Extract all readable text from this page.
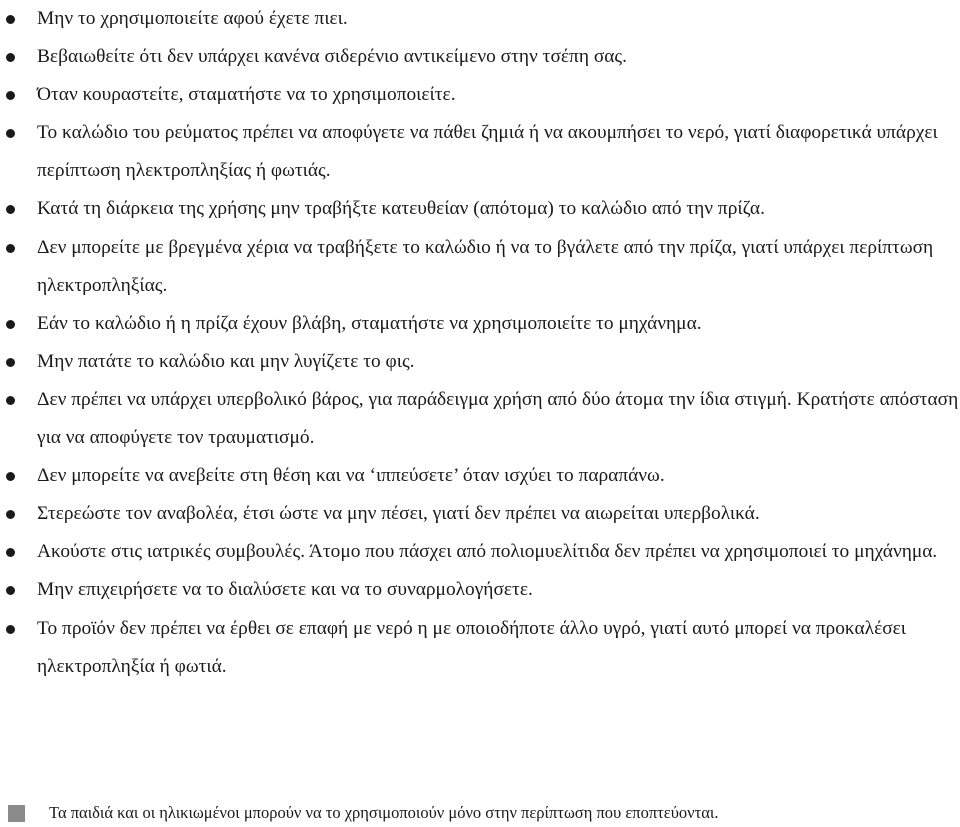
Μην το χρησιμοποιείτε αφού έχετε πιει.
Βεβαιωθείτε ότι δεν υπάρχει κανένα σιδερένιο αντικείμενο στην τσέπη σας.
Όταν κουραστείτε, σταματήστε να το χρησιμοποιείτε.
Το καλώδιο του ρεύματος πρέπει να αποφύγετε να πάθει ζημιά ή να ακουμπήσει το νερό, γιατί διαφορετικά υπάρχει περίπτωση ηλεκτροπληξίας ή φωτιάς.
Κατά τη διάρκεια της χρήσης μην τραβήξτε κατευθείαν (απότομα) το καλώδιο από την πρίζα.
Δεν μπορείτε με βρεγμένα χέρια να τραβήξετε το καλώδιο ή να το βγάλετε από την πρίζα, γιατί υπάρχει περίπτωση ηλεκτροπληξίας.
Εάν το καλώδιο ή η πρίζα έχουν βλάβη, σταματήστε να χρησιμοποιείτε το μηχάνημα.
Μην πατάτε το καλώδιο και μην λυγίζετε το φις.
Δεν πρέπει να υπάρχει υπερβολικό βάρος, για παράδειγμα χρήση από δύο άτομα την ίδια στιγμή. Κρατήστε απόσταση για να αποφύγετε τον τραυματισμό.
Δεν μπορείτε να ανεβείτε στη θέση και να ‘ιππεύσετε’ όταν ισχύει το παραπάνω.
Στερεώστε τον αναβολέα, έτσι ώστε να μην πέσει, γιατί δεν πρέπει να αιωρείται υπερβολικά.
Ακούστε στις ιατρικές συμβουλές. Άτομο που πάσχει από πολιομυελίτιδα δεν πρέπει να χρησιμοποιεί το μηχάνημα.
Μην επιχειρήσετε να το διαλύσετε και να το συναρμολογήσετε.
Το προϊόν δεν πρέπει να έρθει σε επαφή με νερό η με οποιοδήποτε άλλο υγρό, γιατί αυτό μπορεί να προκαλέσει ηλεκτροπληξία ή φωτιά.
Τα παιδιά και οι ηλικιωμένοι μπορούν να το χρησιμοποιούν μόνο στην περίπτωση που εποπτεύονται.
